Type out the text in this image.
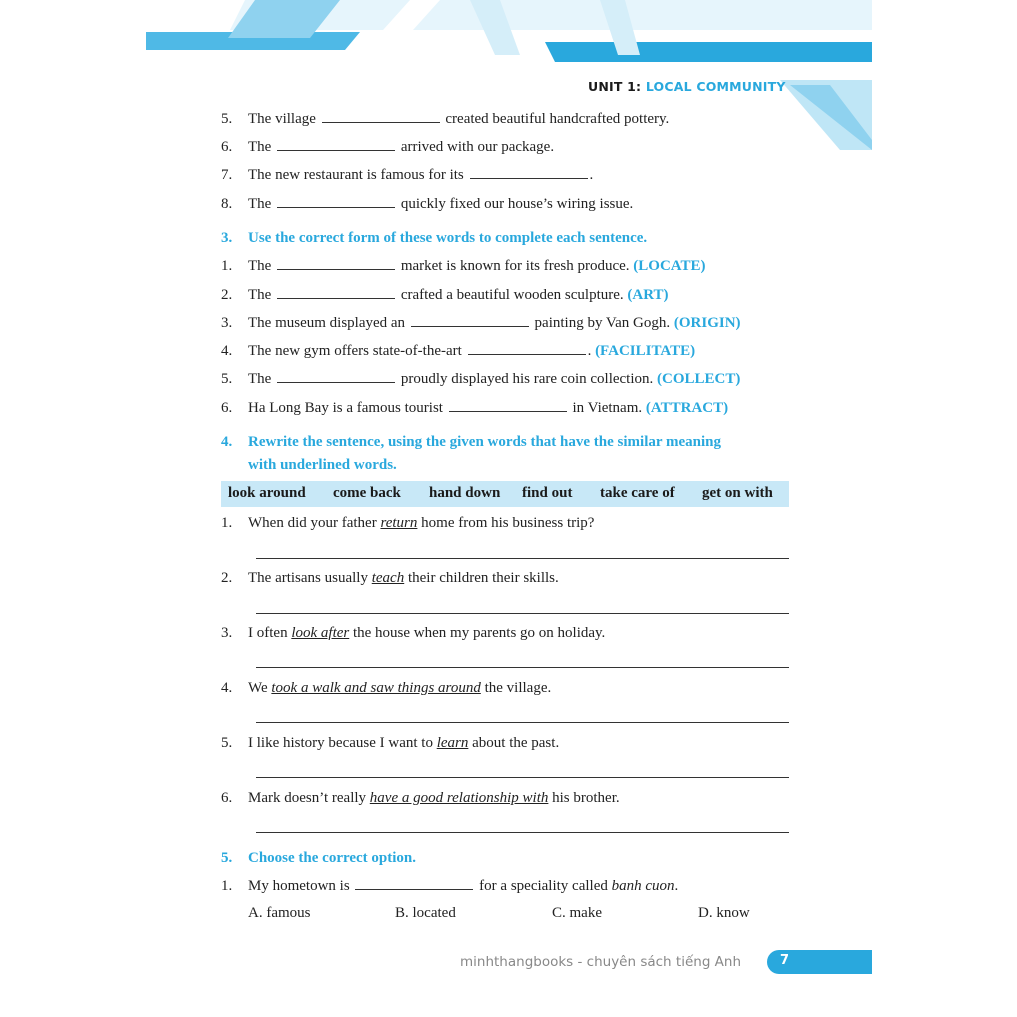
UNIT 1: LOCAL COMMUNITY
5. The village	created beautiful handcrafted pottery.
6. The	arrived with our package.
7. The new restaurant is famous for its	.
8. The	quickly fixed our house’s wiring issue.
3. Use the correct form of these words to complete each sentence.
1. The	market is known for its fresh produce. (LOCATE)
2. The	crafted a beautiful wooden sculpture. (ART)
3. The museum displayed an	painting by Van Gogh. (ORIGIN)
4. The new gym offers state-of-the-art	. (FACILITATE)
5. The	proudly displayed his rare coin collection. (COLLECT)
6. Ha Long Bay is a famous tourist	in Vietnam. (ATTRACT)
4. Rewrite the sentence, using the given words that have the similar meaning
with underlined words.
look around come back hand down find out take care of get on with
1. When did your father return home from his business trip?
2. The artisans usually teach their children their skills.
3. I often look after the house when my parents go on holiday.
4. We took a walk and saw things around the village.
5. I like history because I want to learn about the past.
6. Mark doesn’t really have a good relationship with his brother.
5. Choose the correct option.
1. My hometown is	for a speciality called banh cuon.
A. famous	B. located	C. make	D. know
minhthangbooks - chuyên sách tiếng Anh	7
